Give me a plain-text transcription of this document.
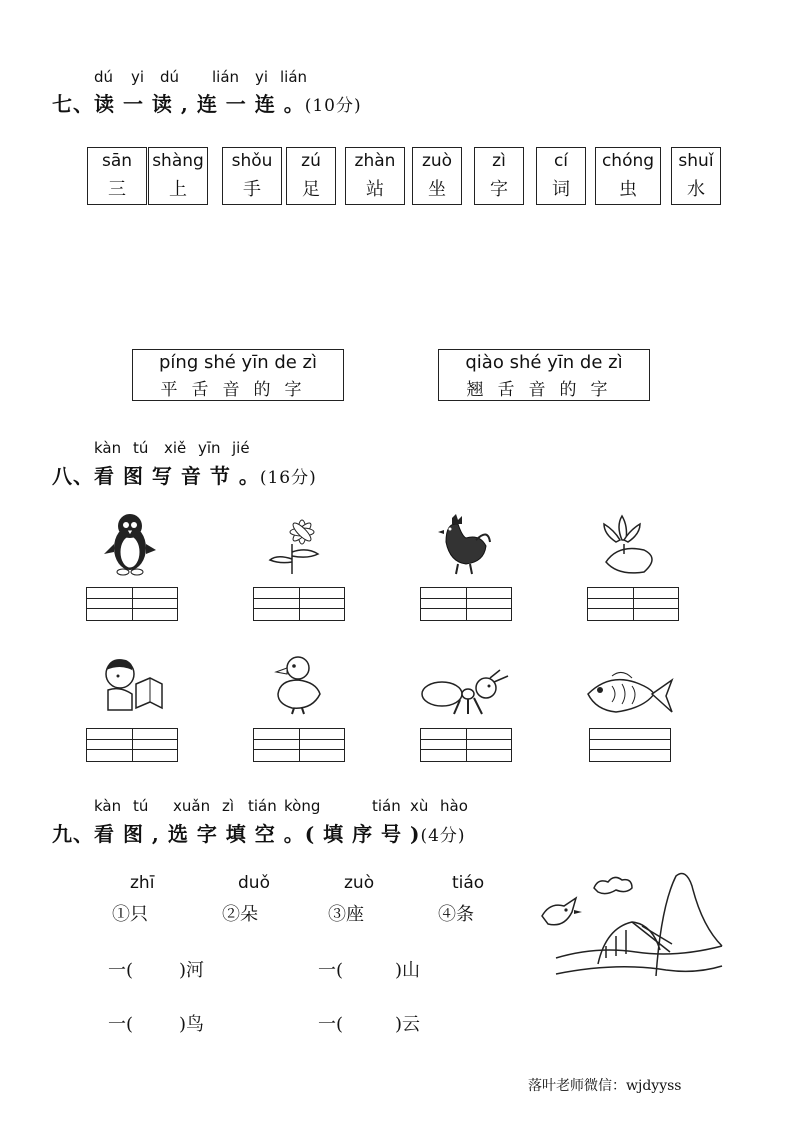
dú yi dú lián yi lián
七、读 一 读 , 连 一 连 。(10分)
sān
三
shàng
上
shǒu
手
zú
足
zhàn
站
zuò
坐
zì
字
cí
词
chóng
虫
shuǐ
水
píng shé yīn de zì
平舌音的字
qiào shé yīn de zì
翘舌音的字
kàn tú xiě yīn jié
八、看 图 写 音 节 。(16分)
kàn tú xuǎn zì tián kòng	tián xù hào
九、看 图 , 选 字 填 空 。( 填 序 号 )(4分)
zhī	duǒ	zuò	tiáo
①只	②朵	③座	④条
一(	)河	一(	)山
一(	)鸟	一(	)云
落叶老师微信：wjdyyss
